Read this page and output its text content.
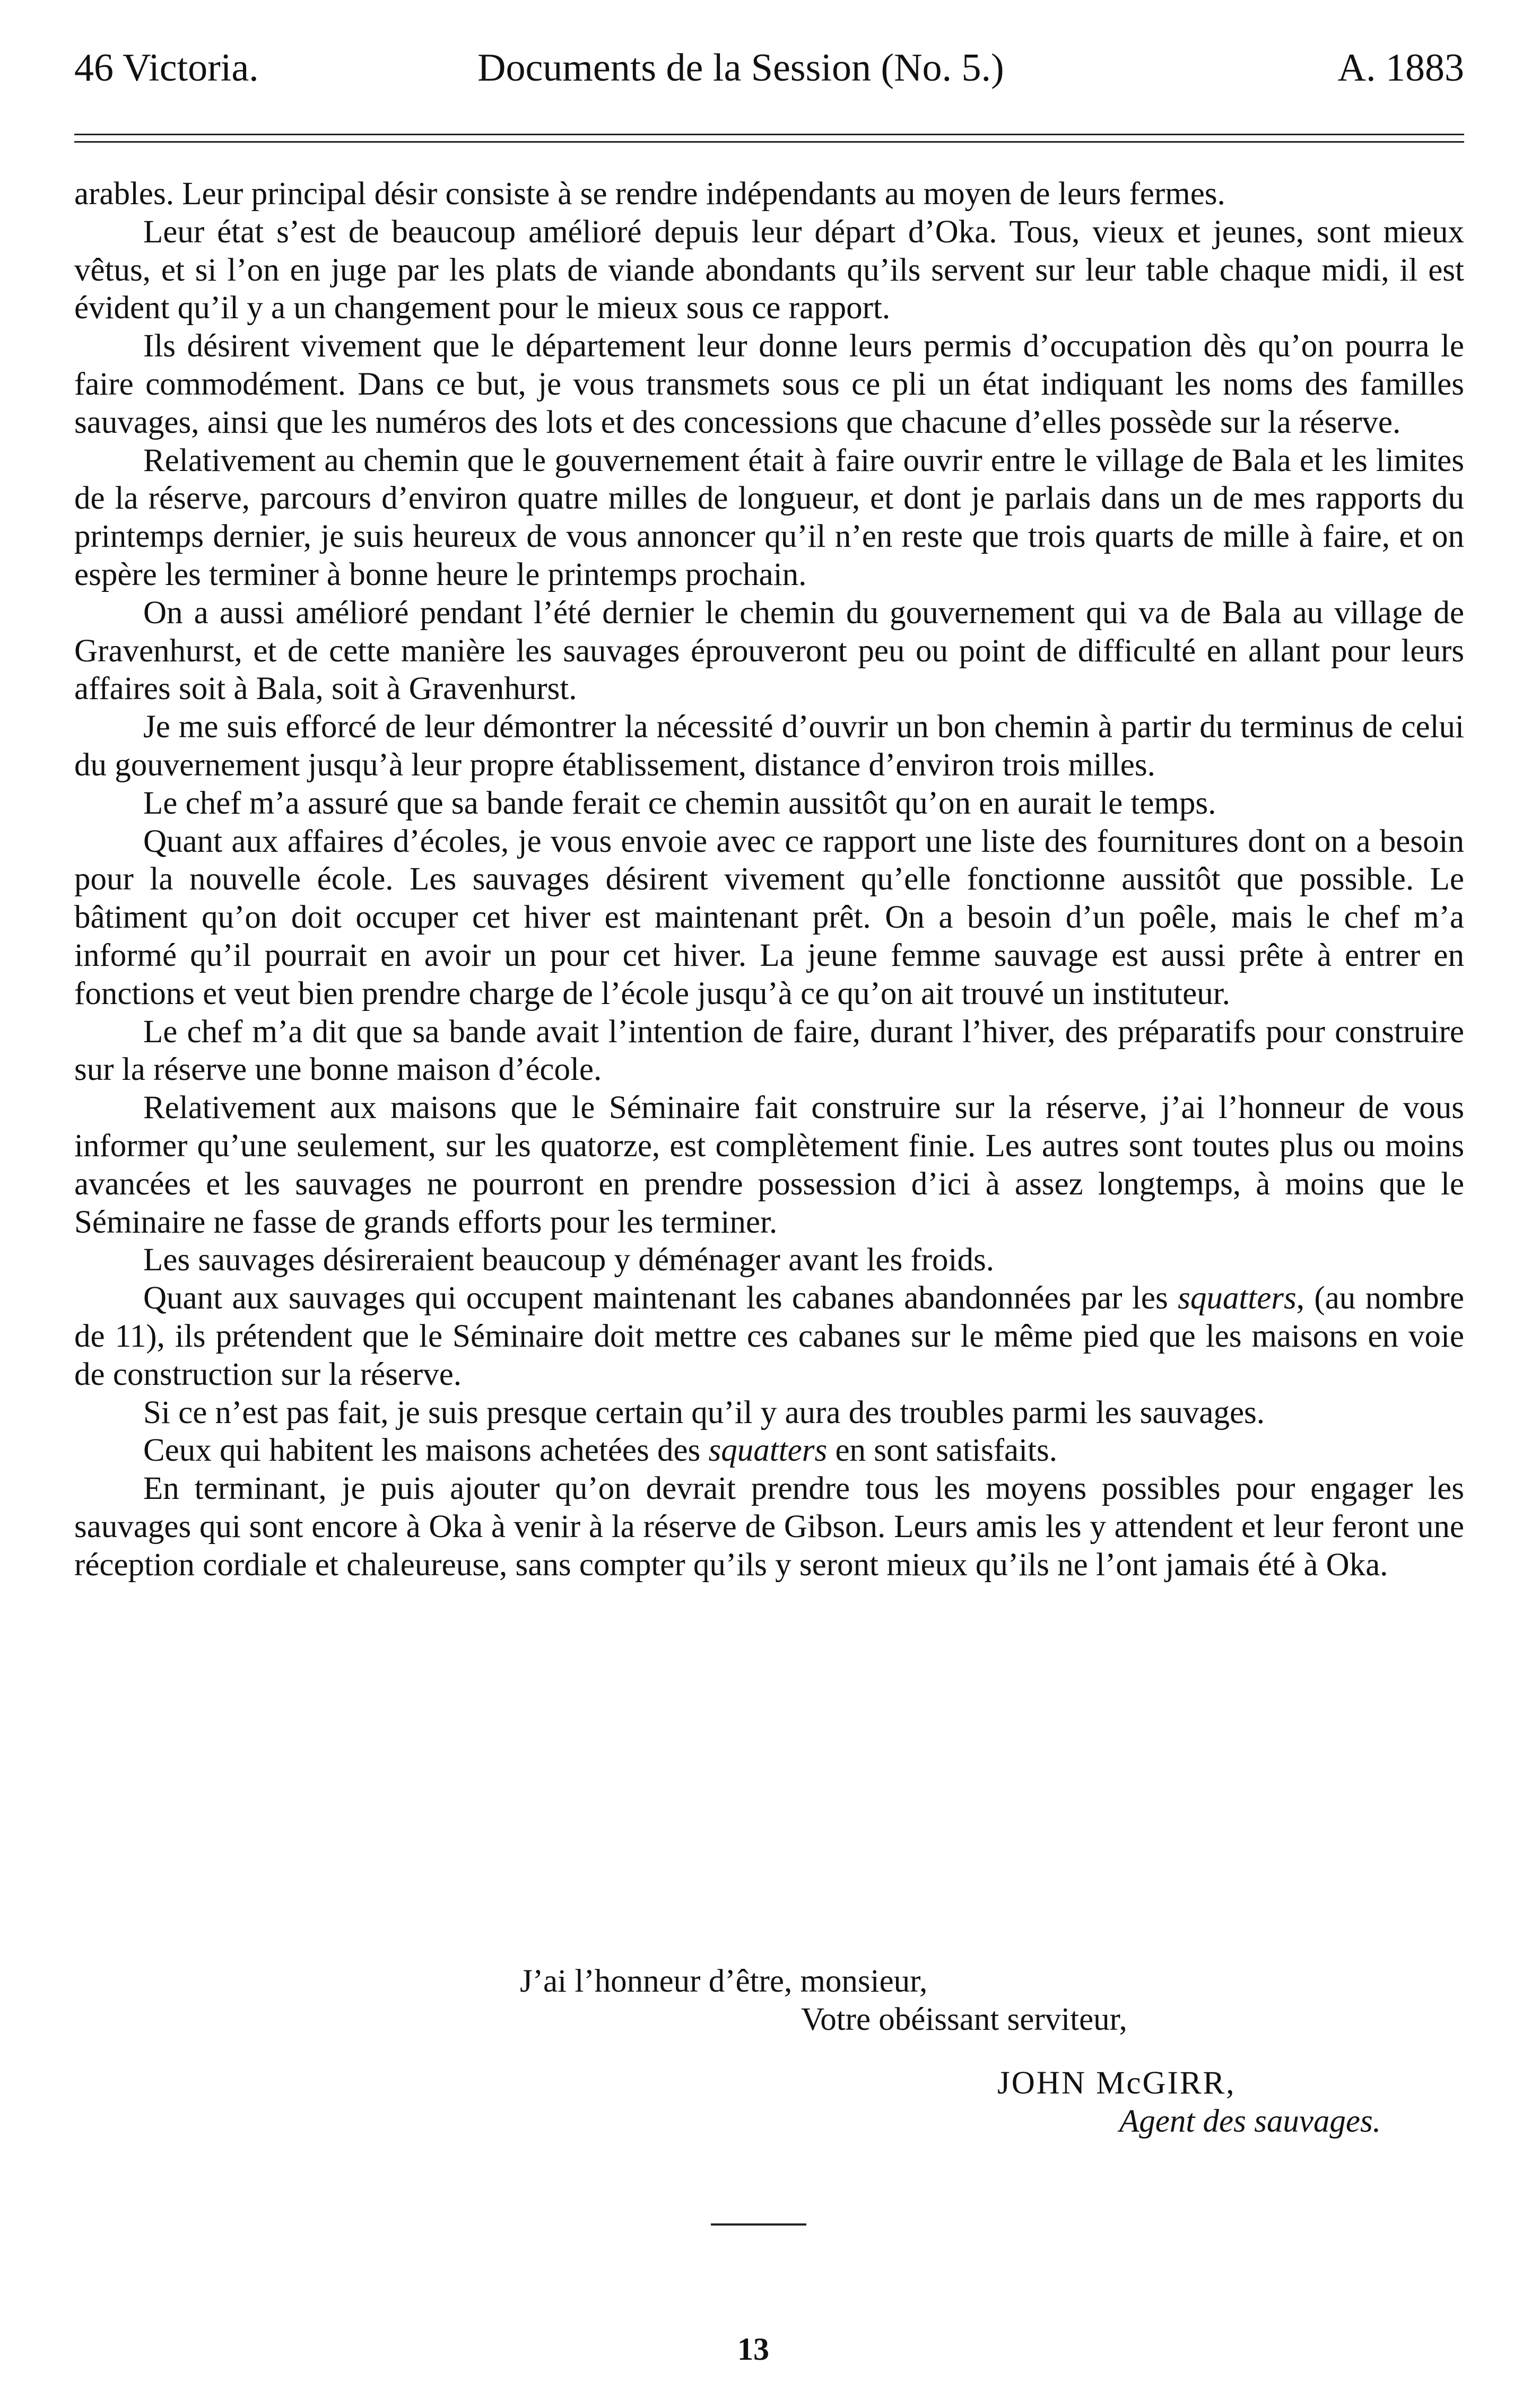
46 Victoria.	Documents de la Session (No. 5.)	A. 1883

arables. Leur principal désir consiste à se rendre indépendants au moyen de leurs fermes.

Leur état s’est de beaucoup amélioré depuis leur départ d’Oka. Tous, vieux et jeunes, sont mieux vêtus, et si l’on en juge par les plats de viande abondants qu’ils servent sur leur table chaque midi, il est évident qu’il y a un changement pour le mieux sous ce rapport.

Ils désirent vivement que le département leur donne leurs permis d’occupation dès qu’on pourra le faire commodément. Dans ce but, je vous transmets sous ce pli un état indiquant les noms des familles sauvages, ainsi que les numéros des lots et des concessions que chacune d’elles possède sur la réserve.

Relativement au chemin que le gouvernement était à faire ouvrir entre le village de Bala et les limites de la réserve, parcours d’environ quatre milles de longueur, et dont je parlais dans un de mes rapports du printemps dernier, je suis heureux de vous annoncer qu’il n’en reste que trois quarts de mille à faire, et on espère les terminer à bonne heure le printemps prochain.

On a aussi amélioré pendant l’été dernier le chemin du gouvernement qui va de Bala au village de Gravenhurst, et de cette manière les sauvages éprouveront peu ou point de difficulté en allant pour leurs affaires soit à Bala, soit à Gravenhurst.

Je me suis efforcé de leur démontrer la nécessité d’ouvrir un bon chemin à partir du terminus de celui du gouvernement jusqu’à leur propre établissement, distance d’environ trois milles.

Le chef m’a assuré que sa bande ferait ce chemin aussitôt qu’on en aurait le temps.

Quant aux affaires d’écoles, je vous envoie avec ce rapport une liste des fournitures dont on a besoin pour la nouvelle école. Les sauvages désirent vivement qu’elle fonctionne aussitôt que possible. Le bâtiment qu’on doit occuper cet hiver est maintenant prêt. On a besoin d’un poêle, mais le chef m’a informé qu’il pourrait en avoir un pour cet hiver. La jeune femme sauvage est aussi prête à entrer en fonctions et veut bien prendre charge de l’école jusqu’à ce qu’on ait trouvé un instituteur.

Le chef m’a dit que sa bande avait l’intention de faire, durant l’hiver, des préparatifs pour construire sur la réserve une bonne maison d’école.

Relativement aux maisons que le Séminaire fait construire sur la réserve, j’ai l’honneur de vous informer qu’une seulement, sur les quatorze, est complètement finie. Les autres sont toutes plus ou moins avancées et les sauvages ne pourront en prendre possession d’ici à assez longtemps, à moins que le Séminaire ne fasse de grands efforts pour les terminer.

Les sauvages désireraient beaucoup y déménager avant les froids.

Quant aux sauvages qui occupent maintenant les cabanes abandonnées par les squatters, (au nombre de 11), ils prétendent que le Séminaire doit mettre ces cabanes sur le même pied que les maisons en voie de construction sur la réserve.

Si ce n’est pas fait, je suis presque certain qu’il y aura des troubles parmi les sauvages.

Ceux qui habitent les maisons achetées des squatters en sont satisfaits.

En terminant, je puis ajouter qu’on devrait prendre tous les moyens possibles pour engager les sauvages qui sont encore à Oka à venir à la réserve de Gibson. Leurs amis les y attendent et leur feront une réception cordiale et chaleureuse, sans compter qu’ils y seront mieux qu’ils ne l’ont jamais été à Oka.

J’ai l’honneur d’être, monsieur,
Votre obéissant serviteur,
JOHN McGIRR,
Agent des sauvages.
13
